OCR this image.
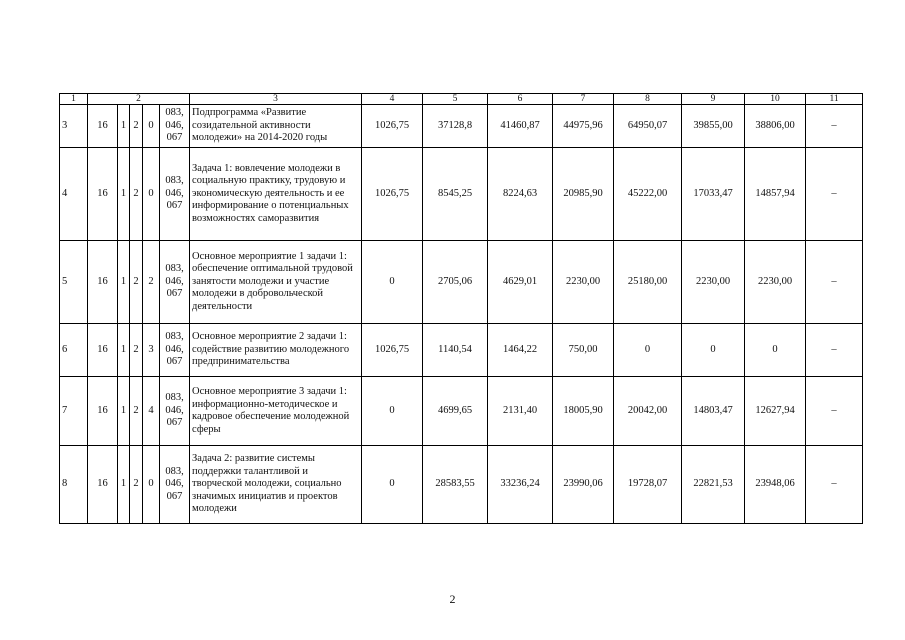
1	2					3	4	5	6	7	8	9	10	11
3	16	1	2	0	083,
046,
067	Подпрограмма «Развитие созидательной активности молодежи» на 2014-2020 годы	1026,75	37128,8	41460,87	44975,96	64950,07	39855,00	38806,00	–
4	16	1	2	0	083,
046,
067	Задача 1: вовлечение молодежи в социальную практику, трудовую и экономическую деятельность и ее информирование о потенциальных возможностях саморазвития	1026,75	8545,25	8224,63	20985,90	45222,00	17033,47	14857,94	–
5	16	1	2	2	083,
046,
067	Основное мероприятие 1 задачи 1: обеспечение оптимальной трудовой занятости молодежи и участие молодежи в добровольческой деятельности	0	2705,06	4629,01	2230,00	25180,00	2230,00	2230,00	–
6	16	1	2	3	083,
046,
067	Основное мероприятие 2 задачи 1: содействие развитию молодежного предпринимательства	1026,75	1140,54	1464,22	750,00	0	0	0	–
7	16	1	2	4	083,
046,
067	Основное мероприятие 3 задачи 1: информационно-методическое и кадровое обеспечение молодежной сферы	0	4699,65	2131,40	18005,90	20042,00	14803,47	12627,94	–
8	16	1	2	0	083,
046,
067	Задача 2: развитие системы поддержки талантливой и творческой молодежи, социально значимых инициатив и проектов молодежи	0	28583,55	33236,24	23990,06	19728,07	22821,53	23948,06	–
2
